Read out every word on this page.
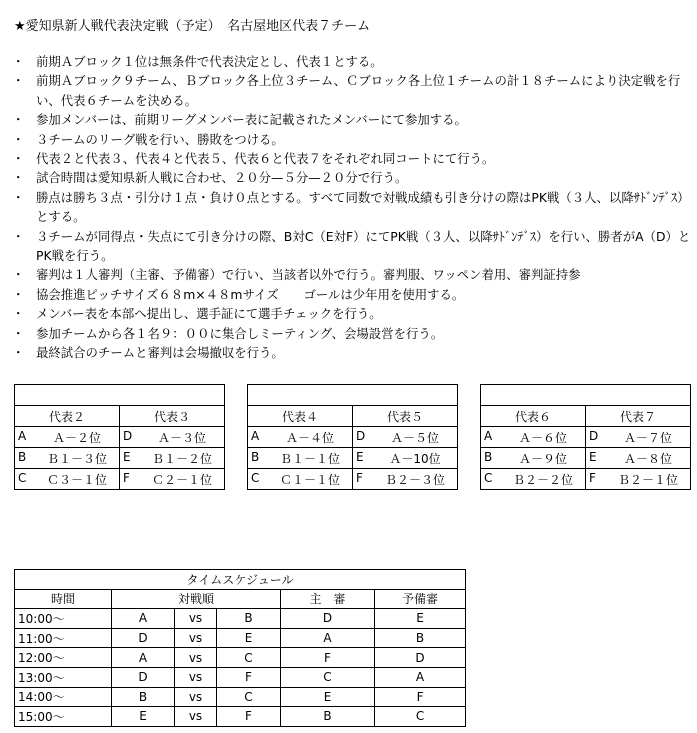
★愛知県新人戦代表決定戦（予定）　名古屋地区代表７チーム
・ 前期Ａブロック１位は無条件で代表決定とし、代表１とする。
・ 前期Ａブロック９チーム、Ｂブロック各上位３チーム、Ｃブロック各上位１チームの計１８チームにより決定戦を行い、代表６チームを決める。
・ 参加メンバーは、前期リーグメンバー表に記載されたメンバーにて参加する。
・ ３チームのリーグ戦を行い、勝敗をつける。
・ 代表２と代表３、代表４と代表５、代表６と代表７をそれぞれ同コートにて行う。
・ 試合時間は愛知県新人戦に合わせ、２０分—５分—２０分で行う。
・ 勝点は勝ち３点・引分け１点・負け０点とする。すべて同数で対戦成績も引き分けの際はPK戦（３人、以降ｻﾄﾞﾝﾃﾞｽ）とする。
・ ３チームが同得点・失点にて引き分けの際、B対C（E対F）にてPK戦（３人、以降ｻﾄﾞﾝﾃﾞｽ）を行い、勝者がA（D）とPK戦を行う。
・ 審判は１人審判（主審、予備審）で行い、当該者以外で行う。審判服、ワッペン着用、審判証持参
・ 協会推進ピッチサイズ６８m×４８mサイズ　　ゴールは少年用を使用する。
・ メンバー表を本部へ提出し、選手証にて選手チェックを行う。
・ 参加チームから各１名９：００に集合しミーティング、会場設営を行う。
・ 最終試合のチームと審判は会場撤収を行う。

代表２	代表３

A Ａ－２位	D Ａ－３位

B Ｂ１－３位	E Ｂ１－２位

C Ｃ３－１位	F Ｃ２－１位

代表４	代表５

A Ａ－４位	D Ａ－５位

B Ｂ１－１位	E Ａ－10位

C Ｃ１－１位	F Ｂ２－３位

代表６	代表７

A Ａ－６位	D Ａ－７位

B Ａ－９位	E Ａ－８位

C Ｂ２－２位	F Ｂ２－１位
タイムスケジュール					
時間	対戦順			主　審	予備審
10:00～	A	vs	B	D	E
11:00～	D	vs	E	A	B
12:00～	A	vs	C	F	D
13:00～	D	vs	F	C	A
14:00～	B	vs	C	E	F
15:00～	E	vs	F	B	C
